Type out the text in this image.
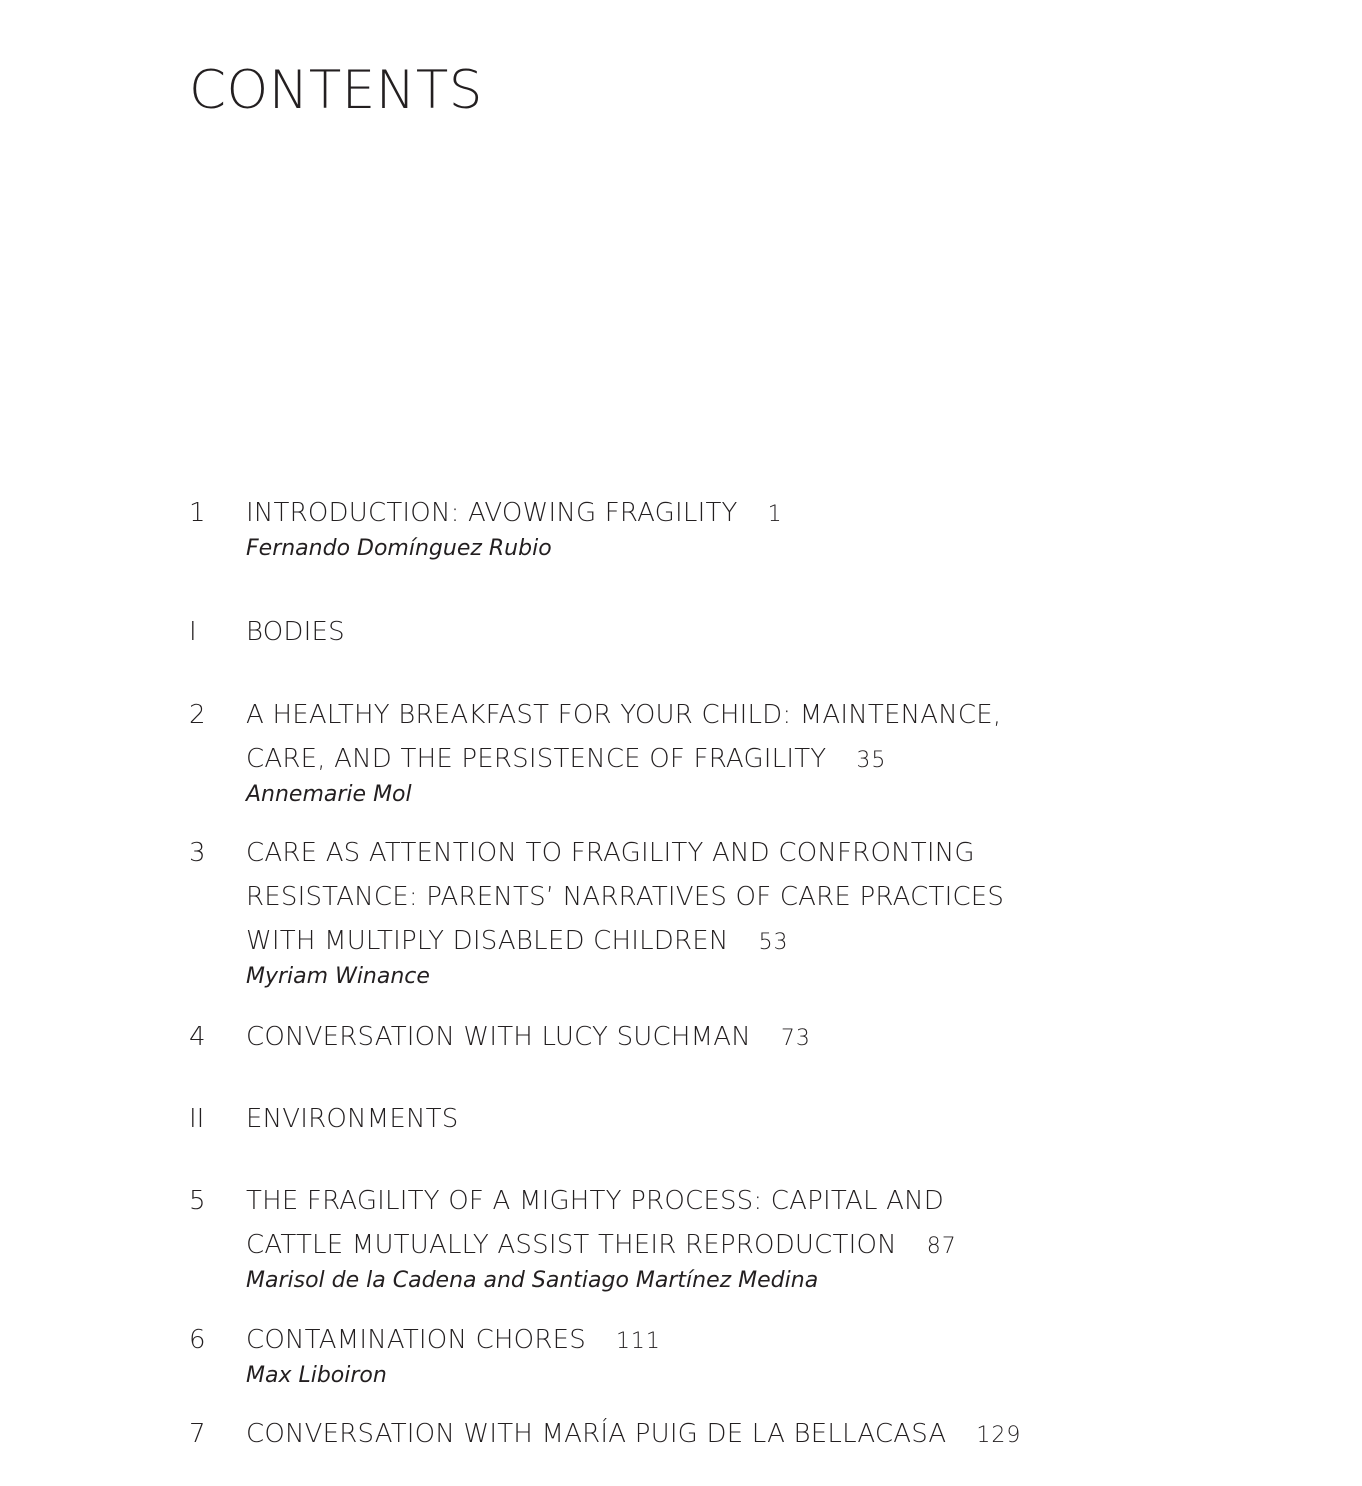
CONTENTS
1 INTRODUCTION: AVOWING FRAGILITY 1
Fernando Domínguez Rubio
I BODIES
2 A HEALTHY BREAKFAST FOR YOUR CHILD: MAINTENANCE,
CARE, AND THE PERSISTENCE OF FRAGILITY 35
Annemarie Mol
3 CARE AS ATTENTION TO FRAGILITY AND CONFRONTING
RESISTANCE: PARENTS’ NARRATIVES OF CARE PRACTICES
WITH MULTIPLY DISABLED CHILDREN 53
Myriam Winance
4 CONVERSATION WITH LUCY SUCHMAN 73
II ENVIRONMENTS
5 THE FRAGILITY OF A MIGHTY PROCESS: CAPITAL AND
CATTLE MUTUALLY ASSIST THEIR REPRODUCTION 87
Marisol de la Cadena and Santiago Martínez Medina
6 CONTAMINATION CHORES 111
Max Liboiron
7 CONVERSATION WITH MARÍA PUIG DE LA BELLACASA 129
